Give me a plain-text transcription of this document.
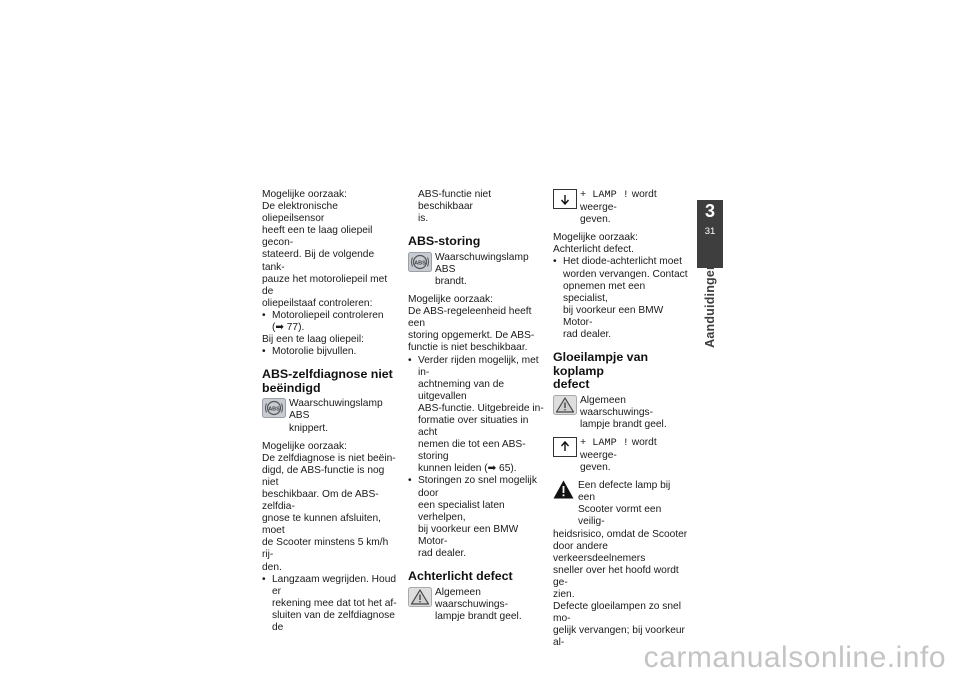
Mogelijke oorzaak:

De elektronische oliepeilsensor
heeft een te laag oliepeil gecon-
stateerd. Bij de volgende tank-
pauze het motoroliepeil met de
oliepeilstaaf controleren:

• Motoroliepeil controleren
(➡ 77).

Bij een te laag oliepeil:

• Motorolie bijvullen.
ABS-zelfdiagnose niet
beëindigd
ABS
Waarschuwingslamp ABS
knippert.

Mogelijke oorzaak:

De zelfdiagnose is niet beëin-
digd, de ABS-functie is nog niet
beschikbaar. Om de ABS-zelfdia-
gnose te kunnen afsluiten, moet
de Scooter minstens 5 km/h rij-
den.

• Langzaam wegrijden. Houd er
rekening mee dat tot het af-
sluiten van de zelfdiagnose de

ABS-functie niet beschikbaar
is.

ABS-storing
ABS
Waarschuwingslamp ABS
brandt.

Mogelijke oorzaak:

De ABS-regeleenheid heeft een
storing opgemerkt. De ABS-
functie is niet beschikbaar.

• Verder rijden mogelijk, met in-
achtneming van de uitgevallen
ABS-functie. Uitgebreide in-
formatie over situaties in acht
nemen die tot een ABS-storing
kunnen leiden (➡ 65).
• Storingen zo snel mogelijk door
een specialist laten verhelpen,
bij voorkeur een BMW Motor-
rad dealer.
Achterlicht defect
Algemeen waarschuwings-
lampje brandt geel.
+ LAMP ! wordt weerge-
geven.

Mogelijke oorzaak:

Achterlicht defect.

• Het diode-achterlicht moet
worden vervangen. Contact
opnemen met een specialist,
bij voorkeur een BMW Motor-
rad dealer.
Gloeilampje van koplamp
defect
Algemeen waarschuwings-
lampje brandt geel.
+ LAMP ! wordt weerge-
geven.
Een defecte lamp bij een
Scooter vormt een veilig-

heidsrisico, omdat de Scooter
door andere verkeersdeelnemers
sneller over het hoofd wordt ge-
zien.

Defecte gloeilampen zo snel mo-
gelijk vervangen; bij voorkeur al-

3
31
Aanduidingen
carmanualsonline.info
